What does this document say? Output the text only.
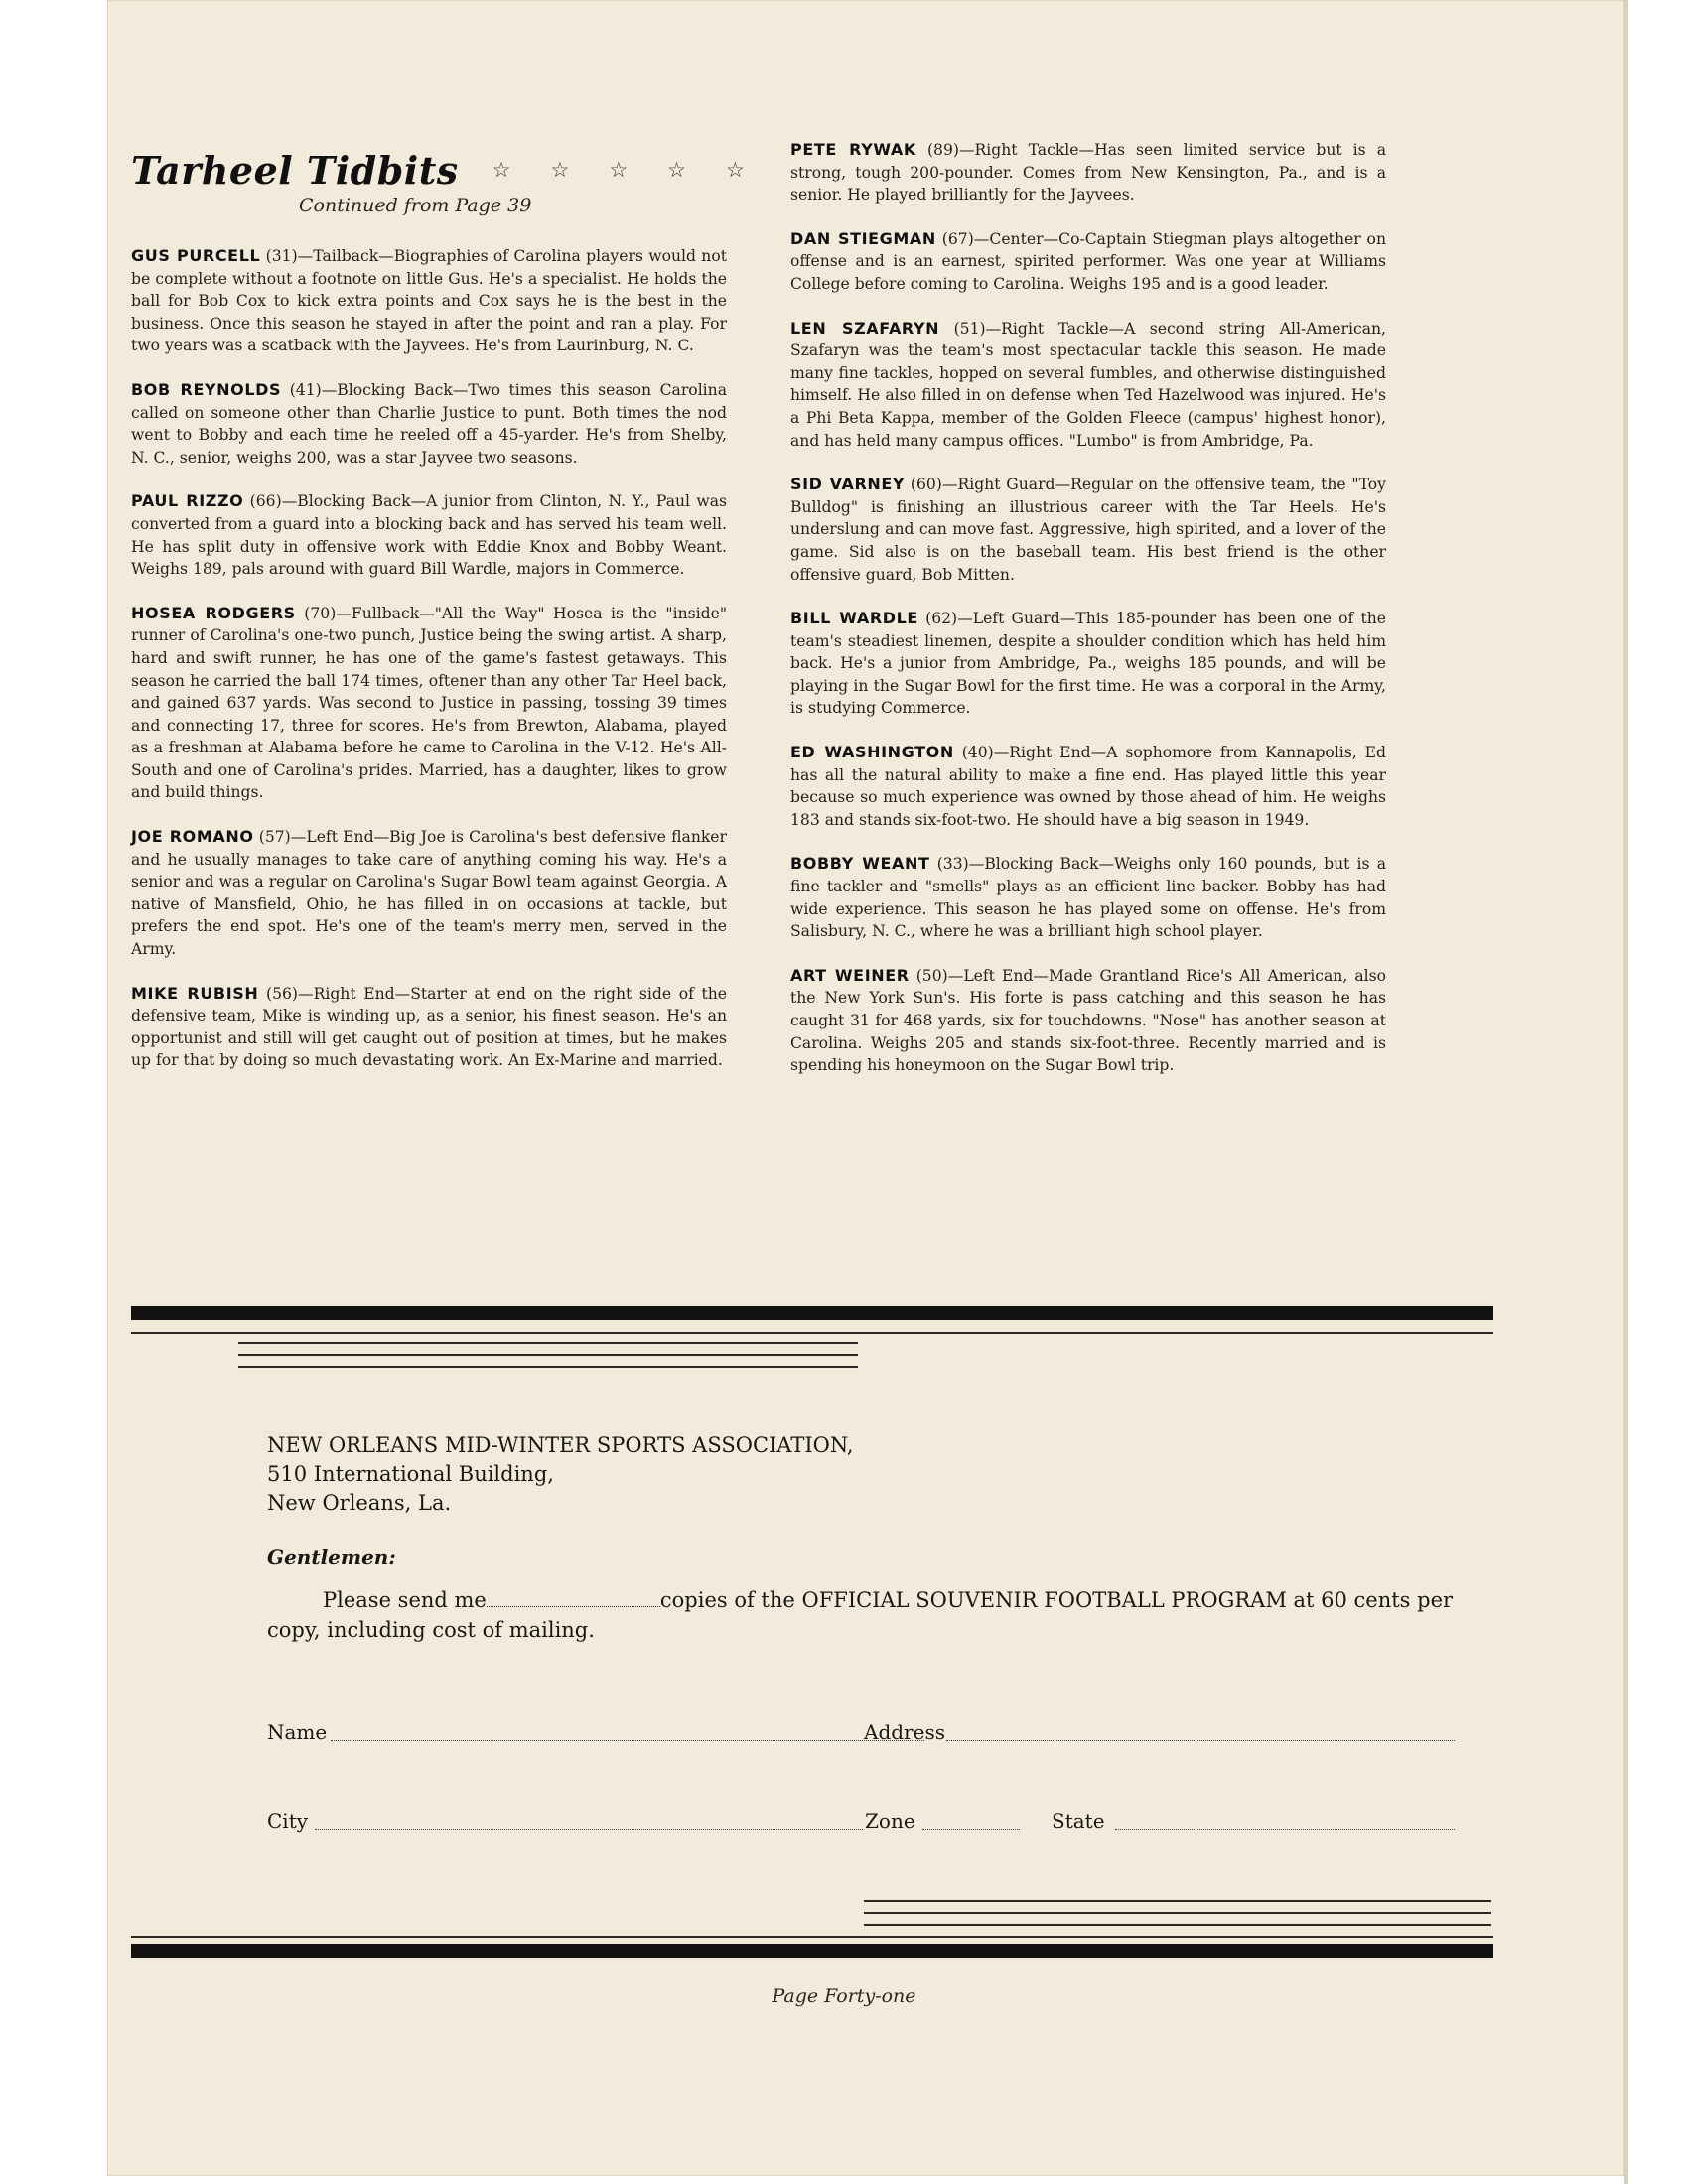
Tarheel Tidbits ☆ ☆ ☆ ☆ ☆
Continued from Page 39

GUS PURCELL (31)—Tailback—Biographies of Carolina players would not be complete without a footnote on little Gus. He's a specialist. He holds the ball for Bob Cox to kick extra points and Cox says he is the best in the business. Once this season he stayed in after the point and ran a play. For two years was a scatback with the Jayvees. He's from Laurinburg, N. C.

BOB REYNOLDS (41)—Blocking Back—Two times this season Carolina called on someone other than Charlie Justice to punt. Both times the nod went to Bobby and each time he reeled off a 45-yarder. He's from Shelby, N. C., senior, weighs 200, was a star Jayvee two seasons.

PAUL RIZZO (66)—Blocking Back—A junior from Clinton, N. Y., Paul was converted from a guard into a blocking back and has served his team well. He has split duty in offensive work with Eddie Knox and Bobby Weant. Weighs 189, pals around with guard Bill Wardle, majors in Commerce.

HOSEA RODGERS (70)—Fullback—"All the Way" Hosea is the "inside" runner of Carolina's one-two punch, Justice being the swing artist. A sharp, hard and swift runner, he has one of the game's fastest getaways. This season he carried the ball 174 times, oftener than any other Tar Heel back, and gained 637 yards. Was second to Justice in passing, tossing 39 times and connecting 17, three for scores. He's from Brewton, Alabama, played as a freshman at Alabama before he came to Carolina in the V-12. He's All-South and one of Carolina's prides. Married, has a daughter, likes to grow and build things.

JOE ROMANO (57)—Left End—Big Joe is Carolina's best defensive flanker and he usually manages to take care of anything coming his way. He's a senior and was a regular on Carolina's Sugar Bowl team against Georgia. A native of Mansfield, Ohio, he has filled in on occasions at tackle, but prefers the end spot. He's one of the team's merry men, served in the Army.

MIKE RUBISH (56)—Right End—Starter at end on the right side of the defensive team, Mike is winding up, as a senior, his finest season. He's an opportunist and still will get caught out of position at times, but he makes up for that by doing so much devastating work. An Ex-Marine and married.

PETE RYWAK (89)—Right Tackle—Has seen limited service but is a strong, tough 200-pounder. Comes from New Kensington, Pa., and is a senior. He played brilliantly for the Jayvees.

DAN STIEGMAN (67)—Center—Co-Captain Stiegman plays altogether on offense and is an earnest, spirited performer. Was one year at Williams College before coming to Carolina. Weighs 195 and is a good leader.

LEN SZAFARYN (51)—Right Tackle—A second string All-American, Szafaryn was the team's most spectacular tackle this season. He made many fine tackles, hopped on several fumbles, and otherwise distinguished himself. He also filled in on defense when Ted Hazelwood was injured. He's a Phi Beta Kappa, member of the Golden Fleece (campus' highest honor), and has held many campus offices. "Lumbo" is from Ambridge, Pa.

SID VARNEY (60)—Right Guard—Regular on the offensive team, the "Toy Bulldog" is finishing an illustrious career with the Tar Heels. He's underslung and can move fast. Aggressive, high spirited, and a lover of the game. Sid also is on the baseball team. His best friend is the other offensive guard, Bob Mitten.

BILL WARDLE (62)—Left Guard—This 185-pounder has been one of the team's steadiest linemen, despite a shoulder condition which has held him back. He's a junior from Ambridge, Pa., weighs 185 pounds, and will be playing in the Sugar Bowl for the first time. He was a corporal in the Army, is studying Commerce.

ED WASHINGTON (40)—Right End—A sophomore from Kannapolis, Ed has all the natural ability to make a fine end. Has played little this year because so much experience was owned by those ahead of him. He weighs 183 and stands six-foot-two. He should have a big season in 1949.

BOBBY WEANT (33)—Blocking Back—Weighs only 160 pounds, but is a fine tackler and "smells" plays as an efficient line backer. Bobby has had wide experience. This season he has played some on offense. He's from Salisbury, N. C., where he was a brilliant high school player.

ART WEINER (50)—Left End—Made Grantland Rice's All American, also the New York Sun's. His forte is pass catching and this season he has caught 31 for 468 yards, six for touchdowns. "Nose" has another season at Carolina. Weighs 205 and stands six-foot-three. Recently married and is spending his honeymoon on the Sugar Bowl trip.

NEW ORLEANS MID-WINTER SPORTS ASSOCIATION,
510 International Building,
New Orleans, La.
Gentlemen:
Please send me	copies of the OFFICIAL SOUVENIR FOOTBALL PROGRAM at 60 cents per copy, including cost of mailing.
Name	Address
City	Zone	State
Page Forty-one
